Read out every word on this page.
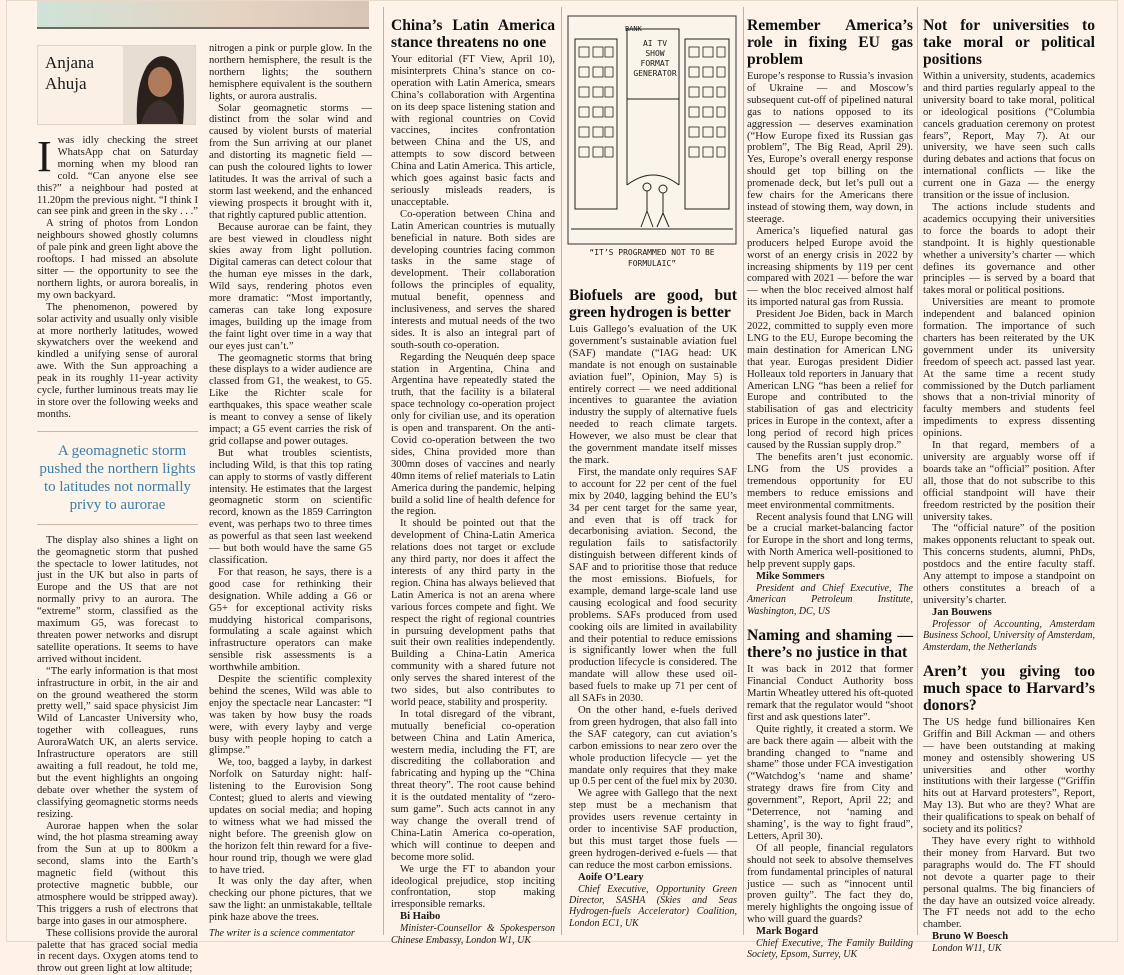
Anjana
Ahuja

I was idly checking the street WhatsApp chat on Saturday morning when my blood ran cold. “Can anyone else see this?” a neighbour had posted at 11.20pm the previous night. “I think I can see pink and green in the sky . . .”

A string of photos from London neighbours showed ghostly columns of pale pink and green light above the rooftops. I had missed an absolute sitter — the opportunity to see the northern lights, or aurora borealis, in my own backyard.

The phenomenon, powered by solar activity and usually only visible at more northerly latitudes, wowed skywatchers over the weekend and kindled a unifying sense of auroral awe. With the Sun approaching a peak in its roughly 11-year activity cycle, further luminous treats may lie in store over the following weeks and months.

A geomagnetic storm pushed the northern lights to latitudes not normally privy to aurorae

The display also shines a light on the geomagnetic storm that pushed the spectacle to lower latitudes, not just in the UK but also in parts of Europe and the US that are not normally privy to an aurora. The “extreme” storm, classified as the maximum G5, was forecast to threaten power networks and disrupt satellite operations. It seems to have arrived without incident.

“The early information is that most infrastructure in orbit, in the air and on the ground weathered the storm pretty well,” said space physicist Jim Wild of Lancaster University who, together with colleagues, runs AuroraWatch UK, an alerts service. Infrastructure operators are still awaiting a full readout, he told me, but the event highlights an ongoing debate over whether the system of classifying geomagnetic storms needs resizing.

Aurorae happen when the solar wind, the hot plasma streaming away from the Sun at up to 800km a second, slams into the Earth’s magnetic field (without this protective magnetic bubble, our atmosphere would be stripped away). This triggers a rush of electrons that barge into gases in our atmosphere.

These collisions provide the auroral palette that has graced social media in recent days. Oxygen atoms tend to throw out green light at low altitude;

nitrogen a pink or purple glow. In the northern hemisphere, the result is the northern lights; the southern hemisphere equivalent is the southern lights, or aurora australis.

Solar geomagnetic storms — distinct from the solar wind and caused by violent bursts of material from the Sun arriving at our planet and distorting its magnetic field — can push the coloured lights to lower latitudes. It was the arrival of such a storm last weekend, and the enhanced viewing prospects it brought with it, that rightly captured public attention.

Because aurorae can be faint, they are best viewed in cloudless night skies away from light pollution. Digital cameras can detect colour that the human eye misses in the dark, Wild says, rendering photos even more dramatic: “Most importantly, cameras can take long exposure images, building up the image from the faint light over time in a way that our eyes just can’t.”

The geomagnetic storms that bring these displays to a wider audience are classed from G1, the weakest, to G5. Like the Richter scale for earthquakes, this space weather scale is meant to convey a sense of likely impact; a G5 event carries the risk of grid collapse and power outages.

But what troubles scientists, including Wild, is that this top rating can apply to storms of vastly different intensity. He estimates that the largest geomagnetic storm on scientific record, known as the 1859 Carrington event, was perhaps two to three times as powerful as that seen last weekend — but both would have the same G5 classification.

For that reason, he says, there is a good case for rethinking their designation. While adding a G6 or G5+ for exceptional activity risks muddying historical comparisons, formulating a scale against which infrastructure operators can make sensible risk assessments is a worthwhile ambition.

Despite the scientific complexity behind the scenes, Wild was able to enjoy the spectacle near Lancaster: “I was taken by how busy the roads were, with every layby and verge busy with people hoping to catch a glimpse.”

We, too, bagged a layby, in darkest Norfolk on Saturday night: half-listening to the Eurovision Song Contest; glued to alerts and viewing updates on social media; and hoping to witness what we had missed the night before. The greenish glow on the horizon felt thin reward for a five-hour round trip, though we were glad to have tried.

It was only the day after, when checking our phone pictures, that we saw the light: an unmistakable, telltale pink haze above the trees.

The writer is a science commentator

China’s Latin America stance threatens no one

Your editorial (FT View, April 10), misinterprets China’s stance on co-operation with Latin America, smears China’s collaboration with Argentina on its deep space listening station and with regional countries on Covid vaccines, incites confrontation between China and the US, and attempts to sow discord between China and Latin America. This article, which goes against basic facts and seriously misleads readers, is unacceptable.

Co-operation between China and Latin American countries is mutually beneficial in nature. Both sides are developing countries facing common tasks in the same stage of development. Their collaboration follows the principles of equality, mutual benefit, openness and inclusiveness, and serves the shared interests and mutual needs of the two sides. It is also an integral part of south-south co-operation.

Regarding the Neuquén deep space station in Argentina, China and Argentina have repeatedly stated the truth, that the facility is a bilateral space technology co-operation project only for civilian use, and its operation is open and transparent. On the anti-Covid co-operation between the two sides, China provided more than 300mn doses of vaccines and nearly 40mn items of relief materials to Latin America during the pandemic, helping build a solid line of health defence for the region.

It should be pointed out that the development of China-Latin America relations does not target or exclude any third party, nor does it affect the interests of any third party in the region. China has always believed that Latin America is not an arena where various forces compete and fight. We respect the right of regional countries in pursuing development paths that suit their own realities independently. Building a China-Latin America community with a shared future not only serves the shared interest of the two sides, but also contributes to world peace, stability and prosperity.

In total disregard of the vibrant, mutually beneficial co-operation between China and Latin America, western media, including the FT, are discrediting the collaboration and fabricating and hyping up the “China threat theory”. The root cause behind it is the outdated mentality of “zero-sum game”. Such acts cannot in any way change the overall trend of China-Latin America co-operation, which will continue to deepen and become more solid.

We urge the FT to abandon your ideological prejudice, stop inciting confrontation, stop making irresponsible remarks.

Bi Haibo

Minister-Counsellor & Spokesperson Chinese Embassy, London W1, UK

BANK
AI TV SHOW FORMAT GENERATOR
“IT’S PROGRAMMED NOT TO BE FORMULAIC”
Biofuels are good, but green hydrogen is better

Luis Gallego’s evaluation of the UK government’s sustainable aviation fuel (SAF) mandate (“IAG head: UK mandate is not enough on sustainable aviation fuel”, Opinion, May 5) is entirely correct — we need additional incentives to guarantee the aviation industry the supply of alternative fuels needed to reach climate targets. However, we also must be clear that the government mandate itself misses the mark.

First, the mandate only requires SAF to account for 22 per cent of the fuel mix by 2040, lagging behind the EU’s 34 per cent target for the same year, and even that is off track for decarbonising aviation. Second, the regulation fails to satisfactorily distinguish between different kinds of SAF and to prioritise those that reduce the most emissions. Biofuels, for example, demand large-scale land use causing ecological and food security problems. SAFs produced from used cooking oils are limited in availability and their potential to reduce emissions is significantly lower when the full production lifecycle is considered. The mandate will allow these used oil-based fuels to make up 71 per cent of all SAFs in 2030.

On the other hand, e-fuels derived from green hydrogen, that also fall into the SAF category, can cut aviation’s carbon emissions to near zero over the whole production lifecycle — yet the mandate only requires that they make up 0.5 per cent of the fuel mix by 2030.

We agree with Gallego that the next step must be a mechanism that provides users revenue certainty in order to incentivise SAF production, but this must target those fuels — green hydrogen-derived e-fuels — that can reduce the most carbon emissions.

Aoife O’Leary

Chief Executive, Opportunity Green Director, SASHA (Skies and Seas Hydrogen-fuels Accelerator) Coalition, London EC1, UK

Remember America’s role in fixing EU gas problem

Europe’s response to Russia’s invasion of Ukraine — and Moscow’s subsequent cut-off of pipelined natural gas to nations opposed to its aggression — deserves examination (“How Europe fixed its Russian gas problem”, The Big Read, April 29). Yes, Europe’s overall energy response should get top billing on the promenade deck, but let’s pull out a few chairs for the Americans there instead of stowing them, way down, in steerage.

America’s liquefied natural gas producers helped Europe avoid the worst of an energy crisis in 2022 by increasing shipments by 119 per cent compared with 2021 — before the war — when the bloc received almost half its imported natural gas from Russia.

President Joe Biden, back in March 2022, committed to supply even more LNG to the EU, Europe becoming the main destination for American LNG that year. Eurogas president Didier Holleaux told reporters in January that American LNG “has been a relief for Europe and contributed to the stabilisation of gas and electricity prices in Europe in the context, after a long period of record high prices caused by the Russian supply drop.”

The benefits aren’t just economic. LNG from the US provides a tremendous opportunity for EU members to reduce emissions and meet environmental commitments.

Recent analysis found that LNG will be a crucial market-balancing factor for Europe in the short and long terms, with North America well-positioned to help prevent supply gaps.

Mike Sommers

President and Chief Executive, The American Petroleum Institute, Washington, DC, US

Naming and shaming — there’s no justice in that

It was back in 2012 that former Financial Conduct Authority boss Martin Wheatley uttered his oft-quoted remark that the regulator would “shoot first and ask questions later”.

Quite rightly, it created a storm. We are back there again — albeit with the branding changed to “name and shame” those under FCA investigation (“Watchdog’s ‘name and shame’ strategy draws fire from City and government”, Report, April 22; and “Deterrence, not ‘naming and shaming’, is the way to fight fraud”, Letters, April 30).

Of all people, financial regulators should not seek to absolve themselves from fundamental principles of natural justice — such as “innocent until proven guilty”. The fact they do, merely highlights the ongoing issue of who will guard the guards?

Mark Bogard

Chief Executive, The Family Building Society, Epsom, Surrey, UK

Not for universities to take moral or political positions

Within a university, students, academics and third parties regularly appeal to the university board to take moral, political or ideological positions (“Columbia cancels graduation ceremony on protest fears”, Report, May 7). At our university, we have seen such calls during debates and actions that focus on international conflicts — like the current one in Gaza — the energy transition or the issue of inclusion.

The actions include students and academics occupying their universities to force the boards to adopt their standpoint. It is highly questionable whether a university’s charter — which defines its governance and other principles — is served by a board that takes moral or political positions.

Universities are meant to promote independent and balanced opinion formation. The importance of such charters has been reiterated by the UK government under its university freedom of speech act. passed last year. At the same time a recent study commissioned by the Dutch parliament shows that a non-trivial minority of faculty members and students feel impediments to express dissenting opinions.

In that regard, members of a university are arguably worse off if boards take an “official” position. After all, those that do not subscribe to this official standpoint will have their freedom restricted by the position their university takes.

The “official nature” of the position makes opponents reluctant to speak out. This concerns students, alumni, PhDs, postdocs and the entire faculty staff. Any attempt to impose a standpoint on others constitutes a breach of a university’s charter.

Jan Bouwens

Professor of Accounting, Amsterdam Business School, University of Amsterdam, Amsterdam, the Netherlands

Aren’t you giving too much space to Harvard’s donors?

The US hedge fund billionaires Ken Griffin and Bill Ackman — and others — have been outstanding at making money and ostensibly showering US universities and other worthy institutions with their largesse (“Griffin hits out at Harvard protesters”, Report, May 13). But who are they? What are their qualifications to speak on behalf of society and its politics?

They have every right to withhold their money from Harvard. But two paragraphs would do. The FT should not devote a quarter page to their personal qualms. The big financiers of the day have an outsized voice already. The FT needs not add to the echo chamber.

Bruno W Boesch

London W11, UK
